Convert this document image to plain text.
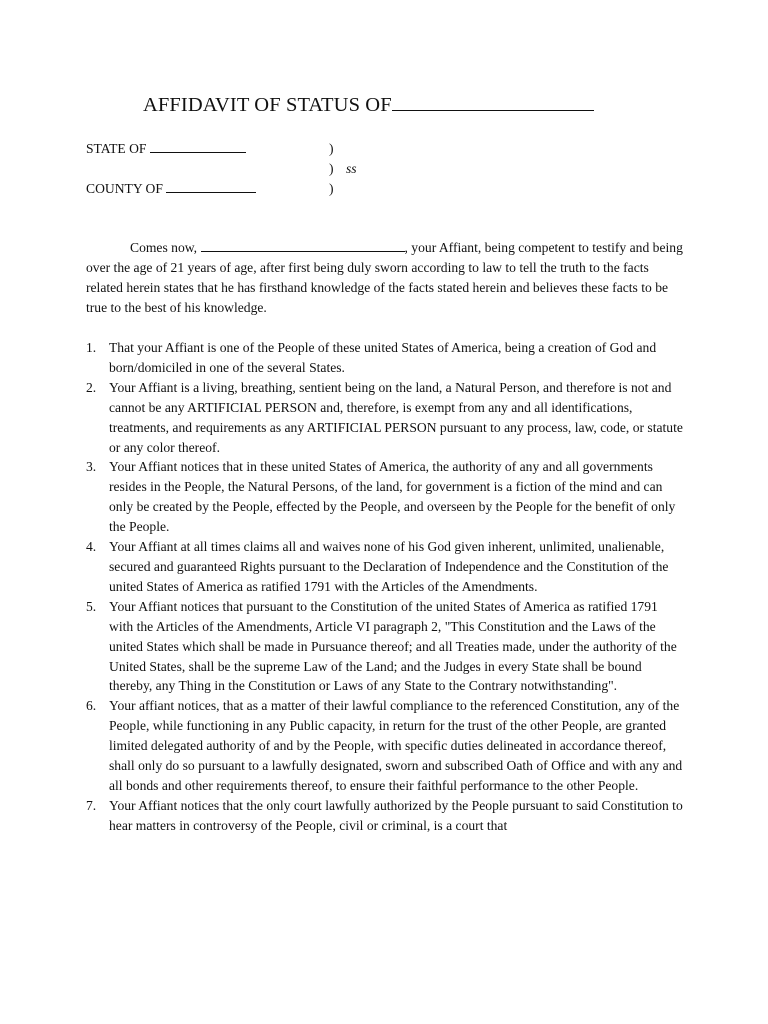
AFFIDAVIT OF STATUS OF
STATE OF
COUNTY OF
)
)
)
ss
Comes now,	, your Affiant, being competent to testify and being over the age of 21 years of age, after first being duly sworn according to law to tell the truth to the facts related herein states that he has firsthand knowledge of the facts stated herein and believes these facts to be true to the best of his knowledge.
1. That your Affiant is one of the People of these united States of America, being a creation of God and born/domiciled in one of the several States.
2. Your Affiant is a living, breathing, sentient being on the land, a Natural Person, and therefore is not and cannot be any ARTIFICIAL PERSON and, therefore, is exempt from any and all identifications, treatments, and requirements as any ARTIFICIAL PERSON pursuant to any process, law, code, or statute or any color thereof.
3. Your Affiant notices that in these united States of America, the authority of any and all governments resides in the People, the Natural Persons, of the land, for government is a fiction of the mind and can only be created by the People, effected by the People, and overseen by the People for the benefit of only the People.
4. Your Affiant at all times claims all and waives none of his God given inherent, unlimited, unalienable, secured and guaranteed Rights pursuant to the Declaration of Independence and the Constitution of the united States of America as ratified 1791 with the Articles of the Amendments.
5. Your Affiant notices that pursuant to the Constitution of the united States of America as ratified 1791 with the Articles of the Amendments, Article VI paragraph 2, "This Constitution and the Laws of the united States which shall be made in Pursuance thereof; and all Treaties made, under the authority of the United States, shall be the supreme Law of the Land; and the Judges in every State shall be bound thereby, any Thing in the Constitution or Laws of any State to the Contrary notwithstanding".
6. Your affiant notices, that as a matter of their lawful compliance to the referenced Constitution, any of the People, while functioning in any Public capacity, in return for the trust of the other People, are granted limited delegated authority of and by the People, with specific duties delineated in accordance thereof, shall only do so pursuant to a lawfully designated, sworn and subscribed Oath of Office and with any and all bonds and other requirements thereof, to ensure their faithful performance to the other People.
7. Your Affiant notices that the only court lawfully authorized by the People pursuant to said Constitution to hear matters in controversy of the People, civil or criminal, is a court that
